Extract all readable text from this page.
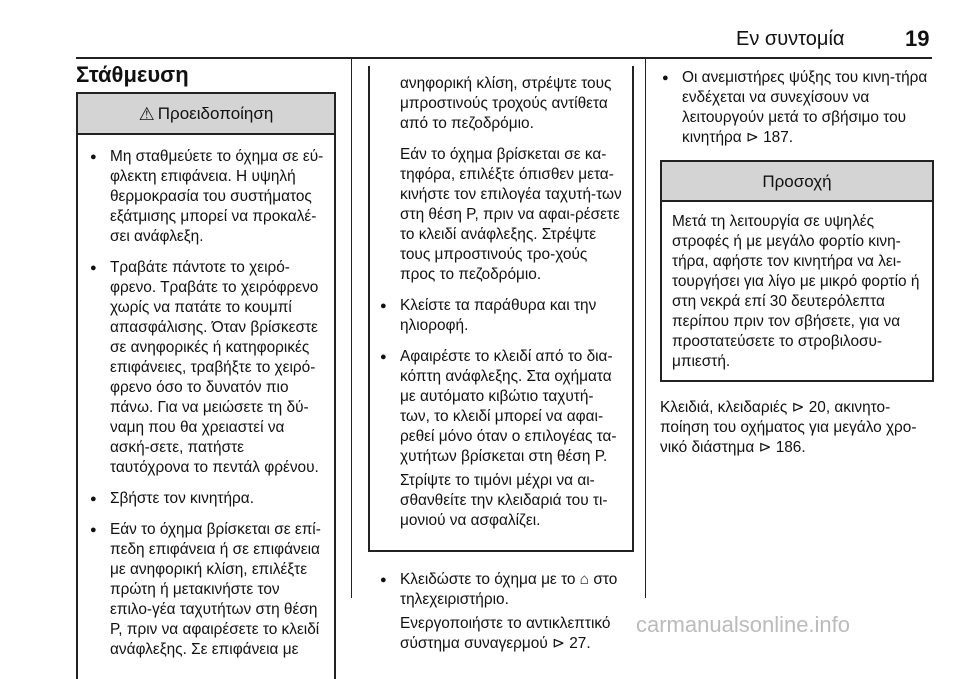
Εν συντομία	19
Στάθμευση
⚠ Προειδοποίηση
● Μη σταθμεύετε το όχημα σε εύ-φλεκτη επιφάνεια. Η υψηλή θερμοκρασία του συστήματος εξάτμισης μπορεί να προκαλέ-σει ανάφλεξη.
● Τραβάτε πάντοτε το χειρό-φρενο. Τραβάτε το χειρόφρενο χωρίς να πατάτε το κουμπί απασφάλισης. Όταν βρίσκεστε σε ανηφορικές ή κατηφορικές επιφάνειες, τραβήξτε το χειρό-φρενο όσο το δυνατόν πιο πάνω. Για να μειώσετε τη δύ-ναμη που θα χρειαστεί να ασκή-σετε, πατήστε ταυτόχρονα το πεντάλ φρένου.
● Σβήστε τον κινητήρα.
● Εάν το όχημα βρίσκεται σε επί-πεδη επιφάνεια ή σε επιφάνεια με ανηφορική κλίση, επιλέξτε πρώτη ή μετακινήστε τον επιλο-γέα ταχυτήτων στη θέση P, πριν να αφαιρέσετε το κλειδί ανάφλεξης. Σε επιφάνεια με
ανηφορική κλίση, στρέψτε τους μπροστινούς τροχούς αντίθετα από το πεζοδρόμιο.
Εάν το όχημα βρίσκεται σε κα-τηφόρα, επιλέξτε όπισθεν μετα-κινήστε τον επιλογέα ταχυτή-των στη θέση P, πριν να αφαι-ρέσετε το κλειδί ανάφλεξης. Στρέψτε τους μπροστινούς τρο-χούς προς το πεζοδρόμιο.
● Κλείστε τα παράθυρα και την ηλιοροφή.
● Αφαιρέστε το κλειδί από το δια-κόπτη ανάφλεξης. Στα οχήματα με αυτόματο κιβώτιο ταχυτή-των, το κλειδί μπορεί να αφαι-ρεθεί μόνο όταν ο επιλογέας τα-χυτήτων βρίσκεται στη θέση P.
Στρίψτε το τιμόνι μέχρι να αι-σθανθείτε την κλειδαριά του τι-μονιού να ασφαλίζει.
● Κλειδώστε το όχημα με το ⌂ στο τηλεχειριστήριο.
Ενεργοποιήστε το αντικλεπτικό σύστημα συναγερμού ⊳ 27.
● Οι ανεμιστήρες ψύξης του κινη-τήρα ενδέχεται να συνεχίσουν να λειτουργούν μετά το σβήσιμο του κινητήρα ⊳ 187.
Προσοχή
Μετά τη λειτουργία σε υψηλές στροφές ή με μεγάλο φορτίο κινη-τήρα, αφήστε τον κινητήρα να λει-τουργήσει για λίγο με μικρό φορτίο ή στη νεκρά επί 30 δευτερόλεπτα περίπου πριν τον σβήσετε, για να προστατεύσετε το στροβιλοσυ-μπιεστή.
Κλειδιά, κλειδαριές ⊳ 20, ακινητο-ποίηση του οχήματος για μεγάλο χρο-νικό διάστημα ⊳ 186.
carmanualsonline.info
